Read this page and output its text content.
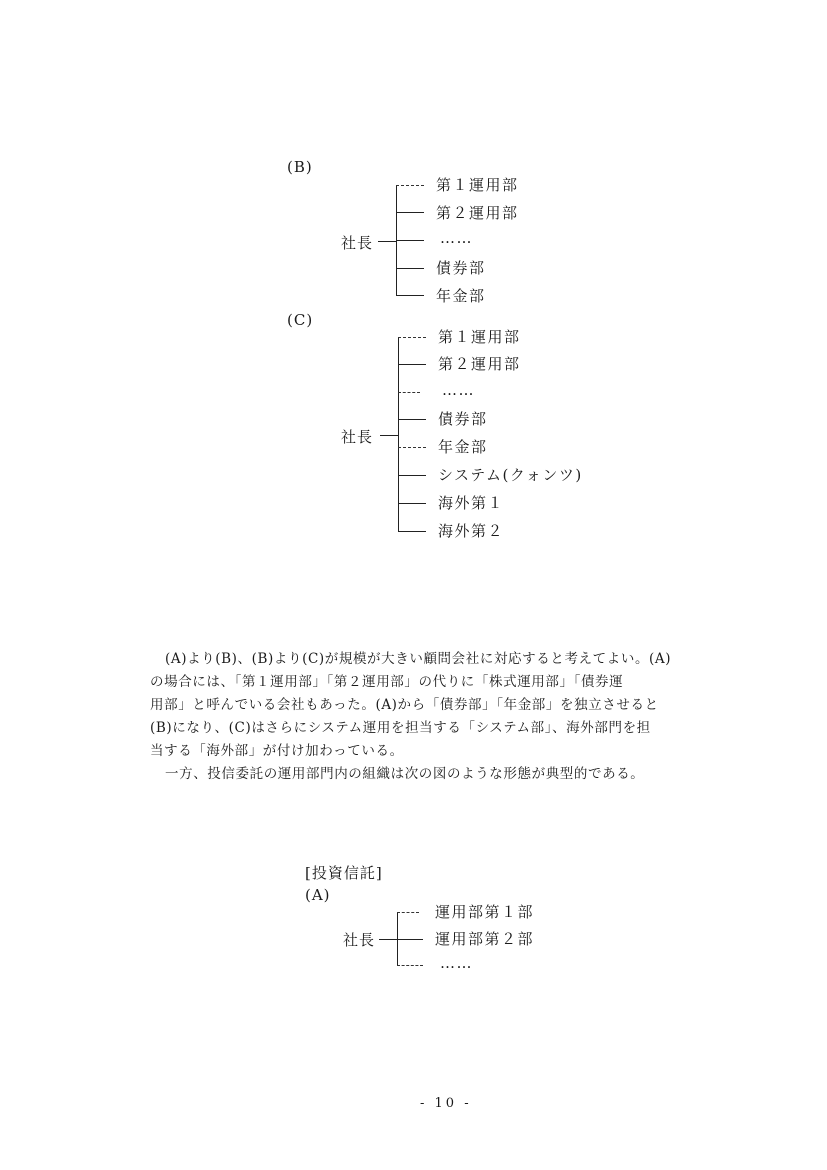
(B)
社長
第１運用部
第２運用部
……
債券部
年金部
(C)
社長
第１運用部
第２運用部
……
債券部
年金部
システム(クォンツ)
海外第１
海外第２
(A)より(B)、(B)より(C)が規模が大きい顧問会社に対応すると考えてよい。(A)
の場合には、「第１運用部」「第２運用部」の代りに「株式運用部」「債券運
用部」と呼んでいる会社もあった。(A)から「債券部」「年金部」を独立させると
(B)になり、(C)はさらにシステム運用を担当する「システム部」、海外部門を担
当する「海外部」が付け加わっている。
一方、投信委託の運用部門内の組織は次の図のような形態が典型的である。
[投資信託]
(A)
社長
運用部第１部
運用部第２部
……
- 10 -
